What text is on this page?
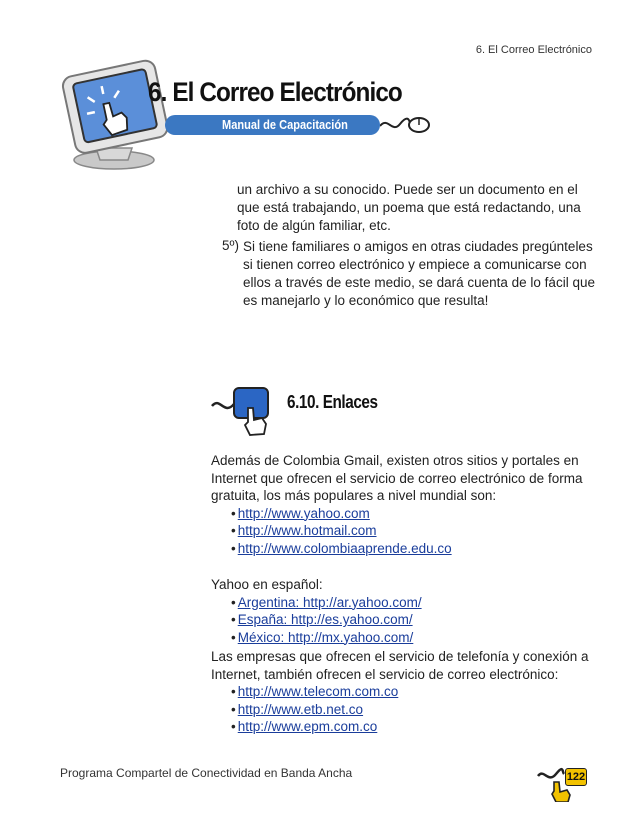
6. El Correo Electrónico
6. El Correo Electrónico
Manual de Capacitación

un archivo a su conocido. Puede ser un documento en el que está trabajando, un poema que está redactando, una foto de algún familiar, etc.

5º) Si tiene familiares o amigos en otras ciudades pregúnteles si tienen correo electrónico y empiece a comunicarse con ellos a través de este medio, se dará cuenta de lo fácil que es manejarlo y lo económico que resulta!

6.10. Enlaces

Además de Colombia Gmail, existen otros sitios y portales en Internet que ofrecen el servicio de correo electrónico de forma gratuita, los más populares a nivel mundial son:

• http://www.yahoo.com
• http://www.hotmail.com
• http://www.colombiaaprende.edu.co

Yahoo en español:

• Argentina: http://ar.yahoo.com/
• España: http://es.yahoo.com/
• México: http://mx.yahoo.com/

Las empresas que ofrecen el servicio de telefonía y conexión a Internet, también ofrecen el servicio de correo electrónico:

• http://www.telecom.com.co
• http://www.etb.net.co
• http://www.epm.com.co
Programa Compartel de Conectividad en Banda Ancha	122
